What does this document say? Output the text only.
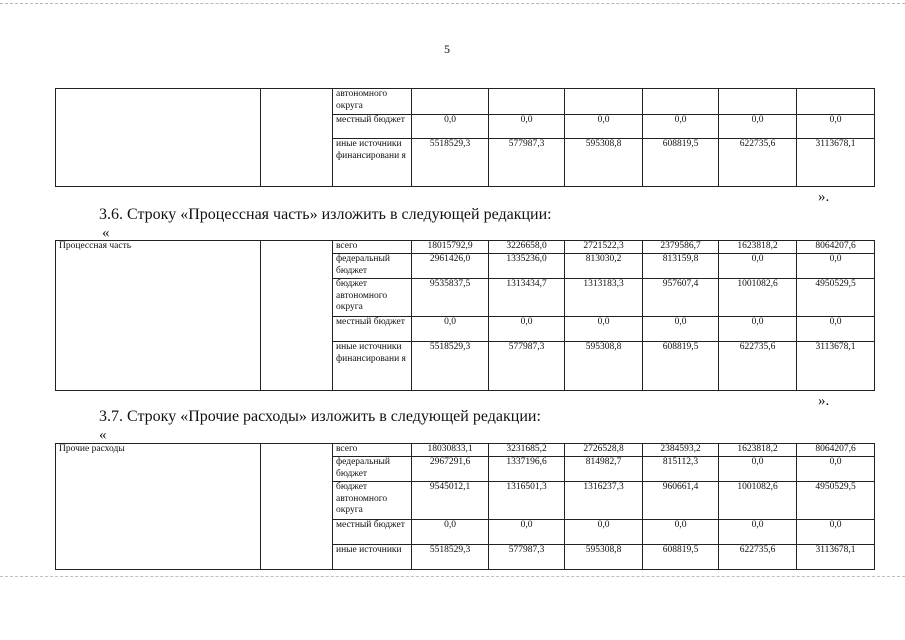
5
		автономного округа						
		местный бюджет	0,0	0,0	0,0	0,0	0,0	0,0
		иные источники финансировани я	5518529,3	577987,3	595308,8	608819,5	622735,6	3113678,1
».
3.6. Строку «Процессная часть» изложить в следующей редакции:
«
Процессная часть		всего	18015792,9	3226658,0	2721522,3	2379586,7	1623818,2	8064207,6
		федеральный бюджет	2961426,0	1335236,0	813030,2	813159,8	0,0	0,0
		бюджет автономного округа	9535837,5	1313434,7	1313183,3	957607,4	1001082,6	4950529,5
		местный бюджет	0,0	0,0	0,0	0,0	0,0	0,0
		иные источники финансировани я	5518529,3	577987,3	595308,8	608819,5	622735,6	3113678,1
».
3.7. Строку «Прочие расходы» изложить в следующей редакции:
«
Прочие расходы		всего	18030833,1	3231685,2	2726528,8	2384593,2	1623818,2	8064207,6
		федеральный бюджет	2967291,6	1337196,6	814982,7	815112,3	0,0	0,0
		бюджет автономного округа	9545012,1	1316501,3	1316237,3	960661,4	1001082,6	4950529,5
		местный бюджет	0,0	0,0	0,0	0,0	0,0	0,0
		иные источники	5518529,3	577987,3	595308,8	608819,5	622735,6	3113678,1
